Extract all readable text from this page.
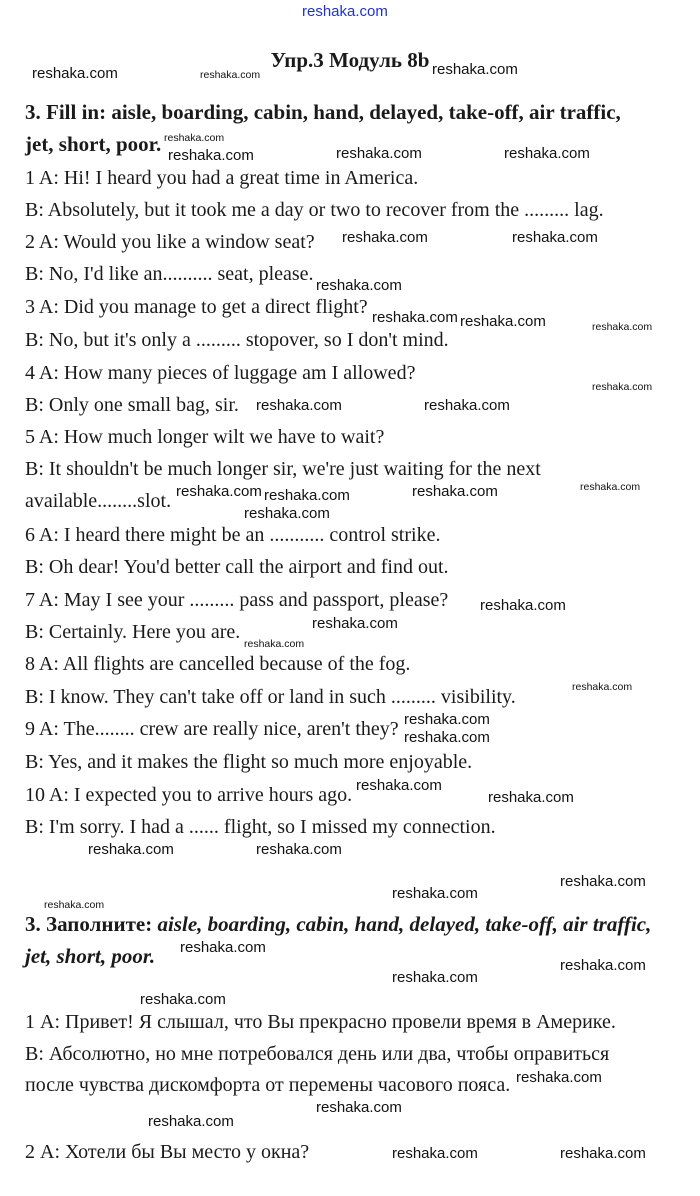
Упр.3 Модуль 8b
3. Fill in: aisle, boarding, cabin, hand, delayed, take-off, air traffic,
jet, short, poor.
3. Заполните: aisle, boarding, cabin, hand, delayed, take-off, air traffic,
jet, short, poor.
1 A: Hi! I heard you had a great time in America.
B: Absolutely, but it took me a day or two to recover from the ......... lag.
2 A: Would you like a window seat?
B: No, I'd like an.......... seat, please.
3 A: Did you manage to get a direct flight?
B: No, but it's only a ......... stopover, so I don't mind.
4 A: How many pieces of luggage am I allowed?
B: Only one small bag, sir.
5 A: How much longer wilt we have to wait?
B: It shouldn't be much longer sir, we're just waiting for the next
available........slot.
6 A: I heard there might be an ........... control strike.
B: Oh dear! You'd better call the airport and find out.
7 A: May I see your ......... pass and passport, please?
B: Certainly. Here you are.
8 A: All flights are cancelled because of the fog.
B: I know. They can't take off or land in such ......... visibility.
9 A: The........ crew are really nice, aren't they?
B: Yes, and it makes the flight so much more enjoyable.
10 A: I expected you to arrive hours ago.
B: I'm sorry. I had a ...... flight, so I missed my connection.
1 А: Привет! Я слышал, что Вы прекрасно провели время в Америке.
В: Абсолютно, но мне потребовался день или два, чтобы оправиться
после чувства дискомфорта от перемены часового пояса.
2 А: Хотели бы Вы место у окна?
reshaka.com
reshaka.com	reshaka.com	reshaka.com
reshaka.com	reshaka.com	reshaka.com
reshaka.com
reshaka.com	reshaka.com
reshaka.com
reshaka.com reshaka.com	reshaka.com
reshaka.com
reshaka.com	reshaka.com
reshaka.com	reshaka.com	reshaka.com
reshaka.com
reshaka.com
reshaka.com
reshaka.com
reshaka.com
reshaka.com
reshaka.com
reshaka.com
reshaka.com
reshaka.com
reshaka.com
reshaka.com
reshaka.com
reshaka.com
reshaka.com
reshaka.com
reshaka.com
reshaka.com
reshaka.com
reshaka.com
reshaka.com
reshaka.com
reshaka.com	reshaka.com
